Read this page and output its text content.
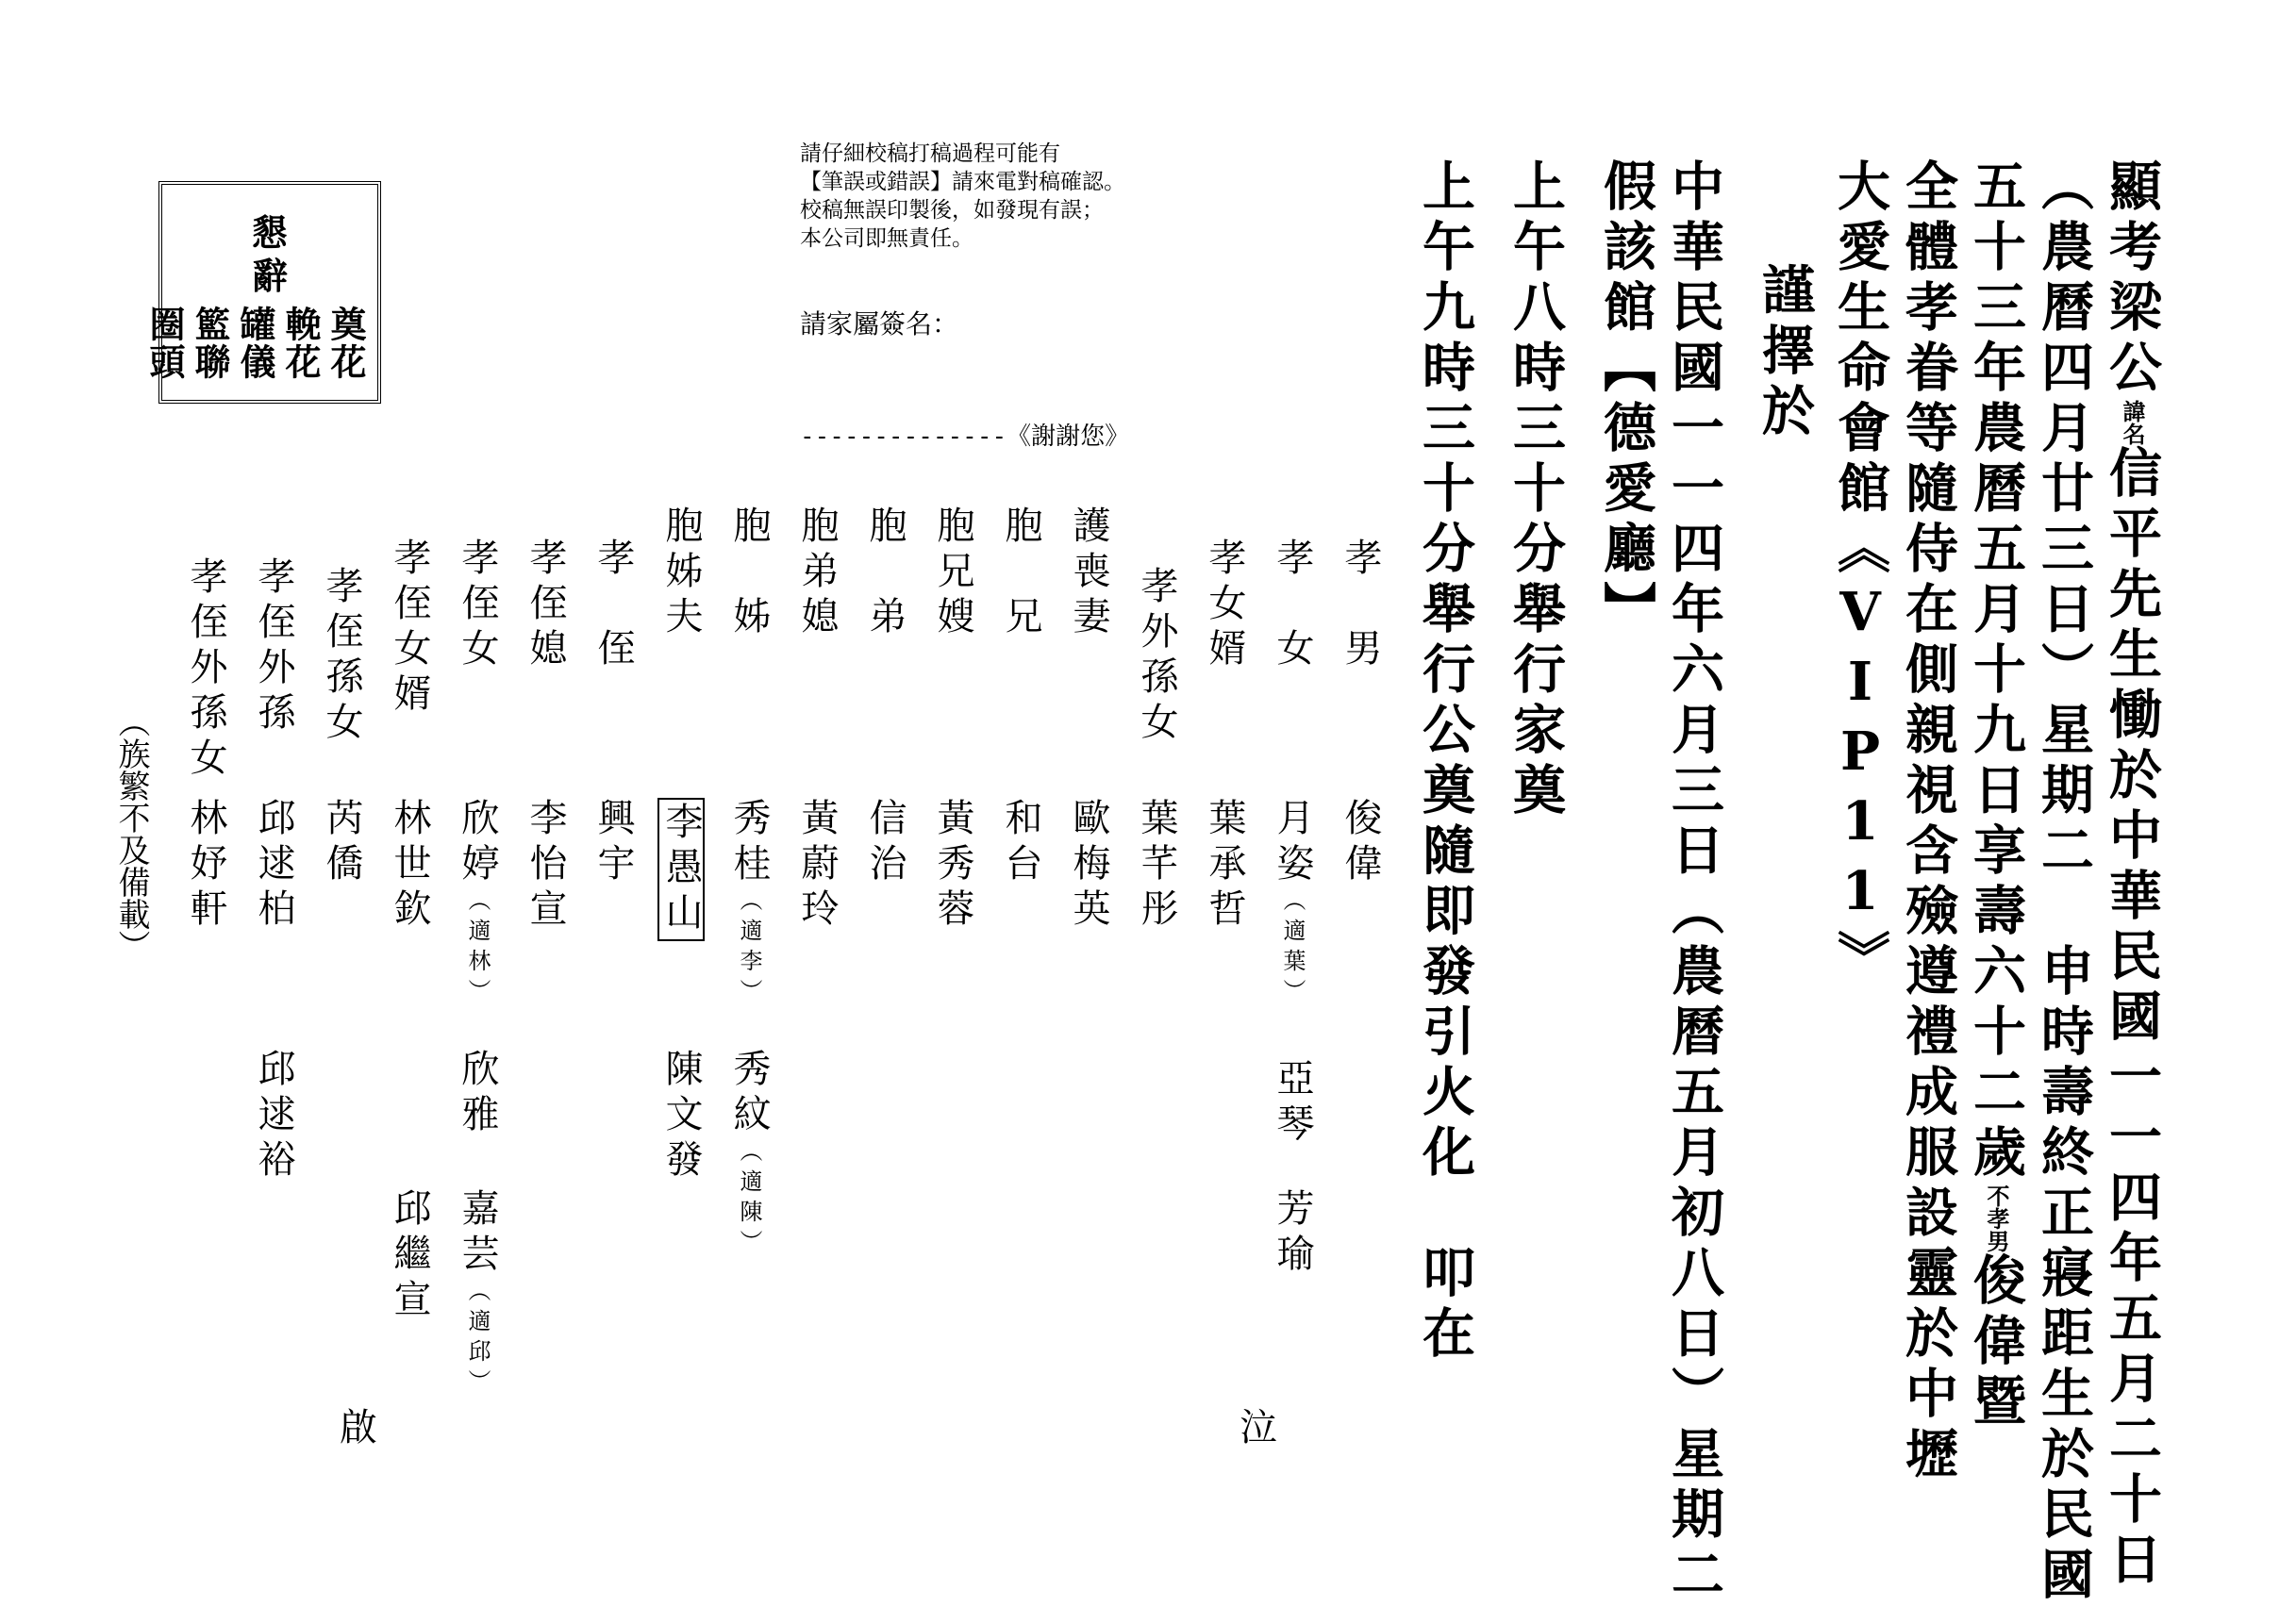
請仔細校稿打稿過程可能有
【筆誤或錯誤】請來電對稿確認。
校稿無誤印製後，如發現有誤；
本公司即無責任。
請家屬簽名：
--------------《謝謝您》
懇
辭
奠花輓花罐儀籃聯圈頭	顯考梁公諱名信平先生慟於中華民國一一四年五月二十日
（農曆四月廿三日）星期二　申時壽終正寢距生於民國
五十三年農曆五月十九日享壽六十二歲不孝男俊偉暨
全體孝眷等隨侍在側親視含殮遵禮成服設靈於中壢
大愛生命會館《VIP11》
謹擇於
中華民國一一四年六月三日（農曆五月初八日）星期二
假該館【德愛廳】
上午八時三十分舉行家奠
上午九時三十分舉行公奠隨即發引火化　叩在
孝　男
孝　女
孝女婿
孝外孫女
護喪妻
胞　兄
胞兄嫂
胞　弟
胞弟媳
胞　姊
胞姊夫
孝　侄
孝侄媳
孝侄女
孝侄女婿
孝侄孫女
孝侄外孫
孝侄外孫女
俊偉
月姿（適葉）
亞琴
芳瑜
葉承哲
葉芊彤
歐梅英
和台
黃秀蓉
信治
黃蔚玲
秀桂（適李）
秀紋（適陳）
李愚山
陳文發
興宇
李怡宣
欣婷（適林）
欣雅
嘉芸（適邱）
林世欽
邱繼宣
芮僑
邱逑柏
邱逑裕
林妤軒
（族繁不及備載）
泣
啟
